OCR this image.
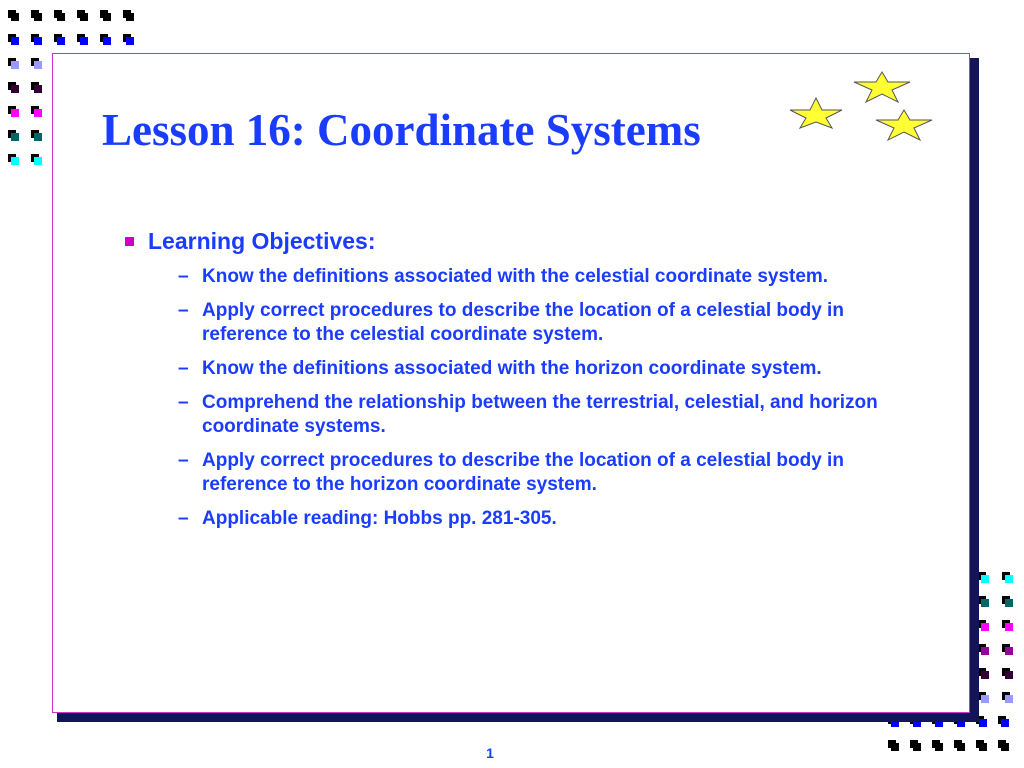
Lesson 16: Coordinate Systems
Learning Objectives:
– Know the definitions associated with the celestial coordinate system.
– Apply correct procedures to describe the location of a celestial body in reference to the celestial coordinate system.
– Know the definitions associated with the horizon coordinate system.
– Comprehend the relationship between the terrestrial, celestial, and horizon coordinate systems.
– Apply correct procedures to describe the location of a celestial body in reference to the horizon coordinate system.
– Applicable reading: Hobbs pp. 281-305.
1
